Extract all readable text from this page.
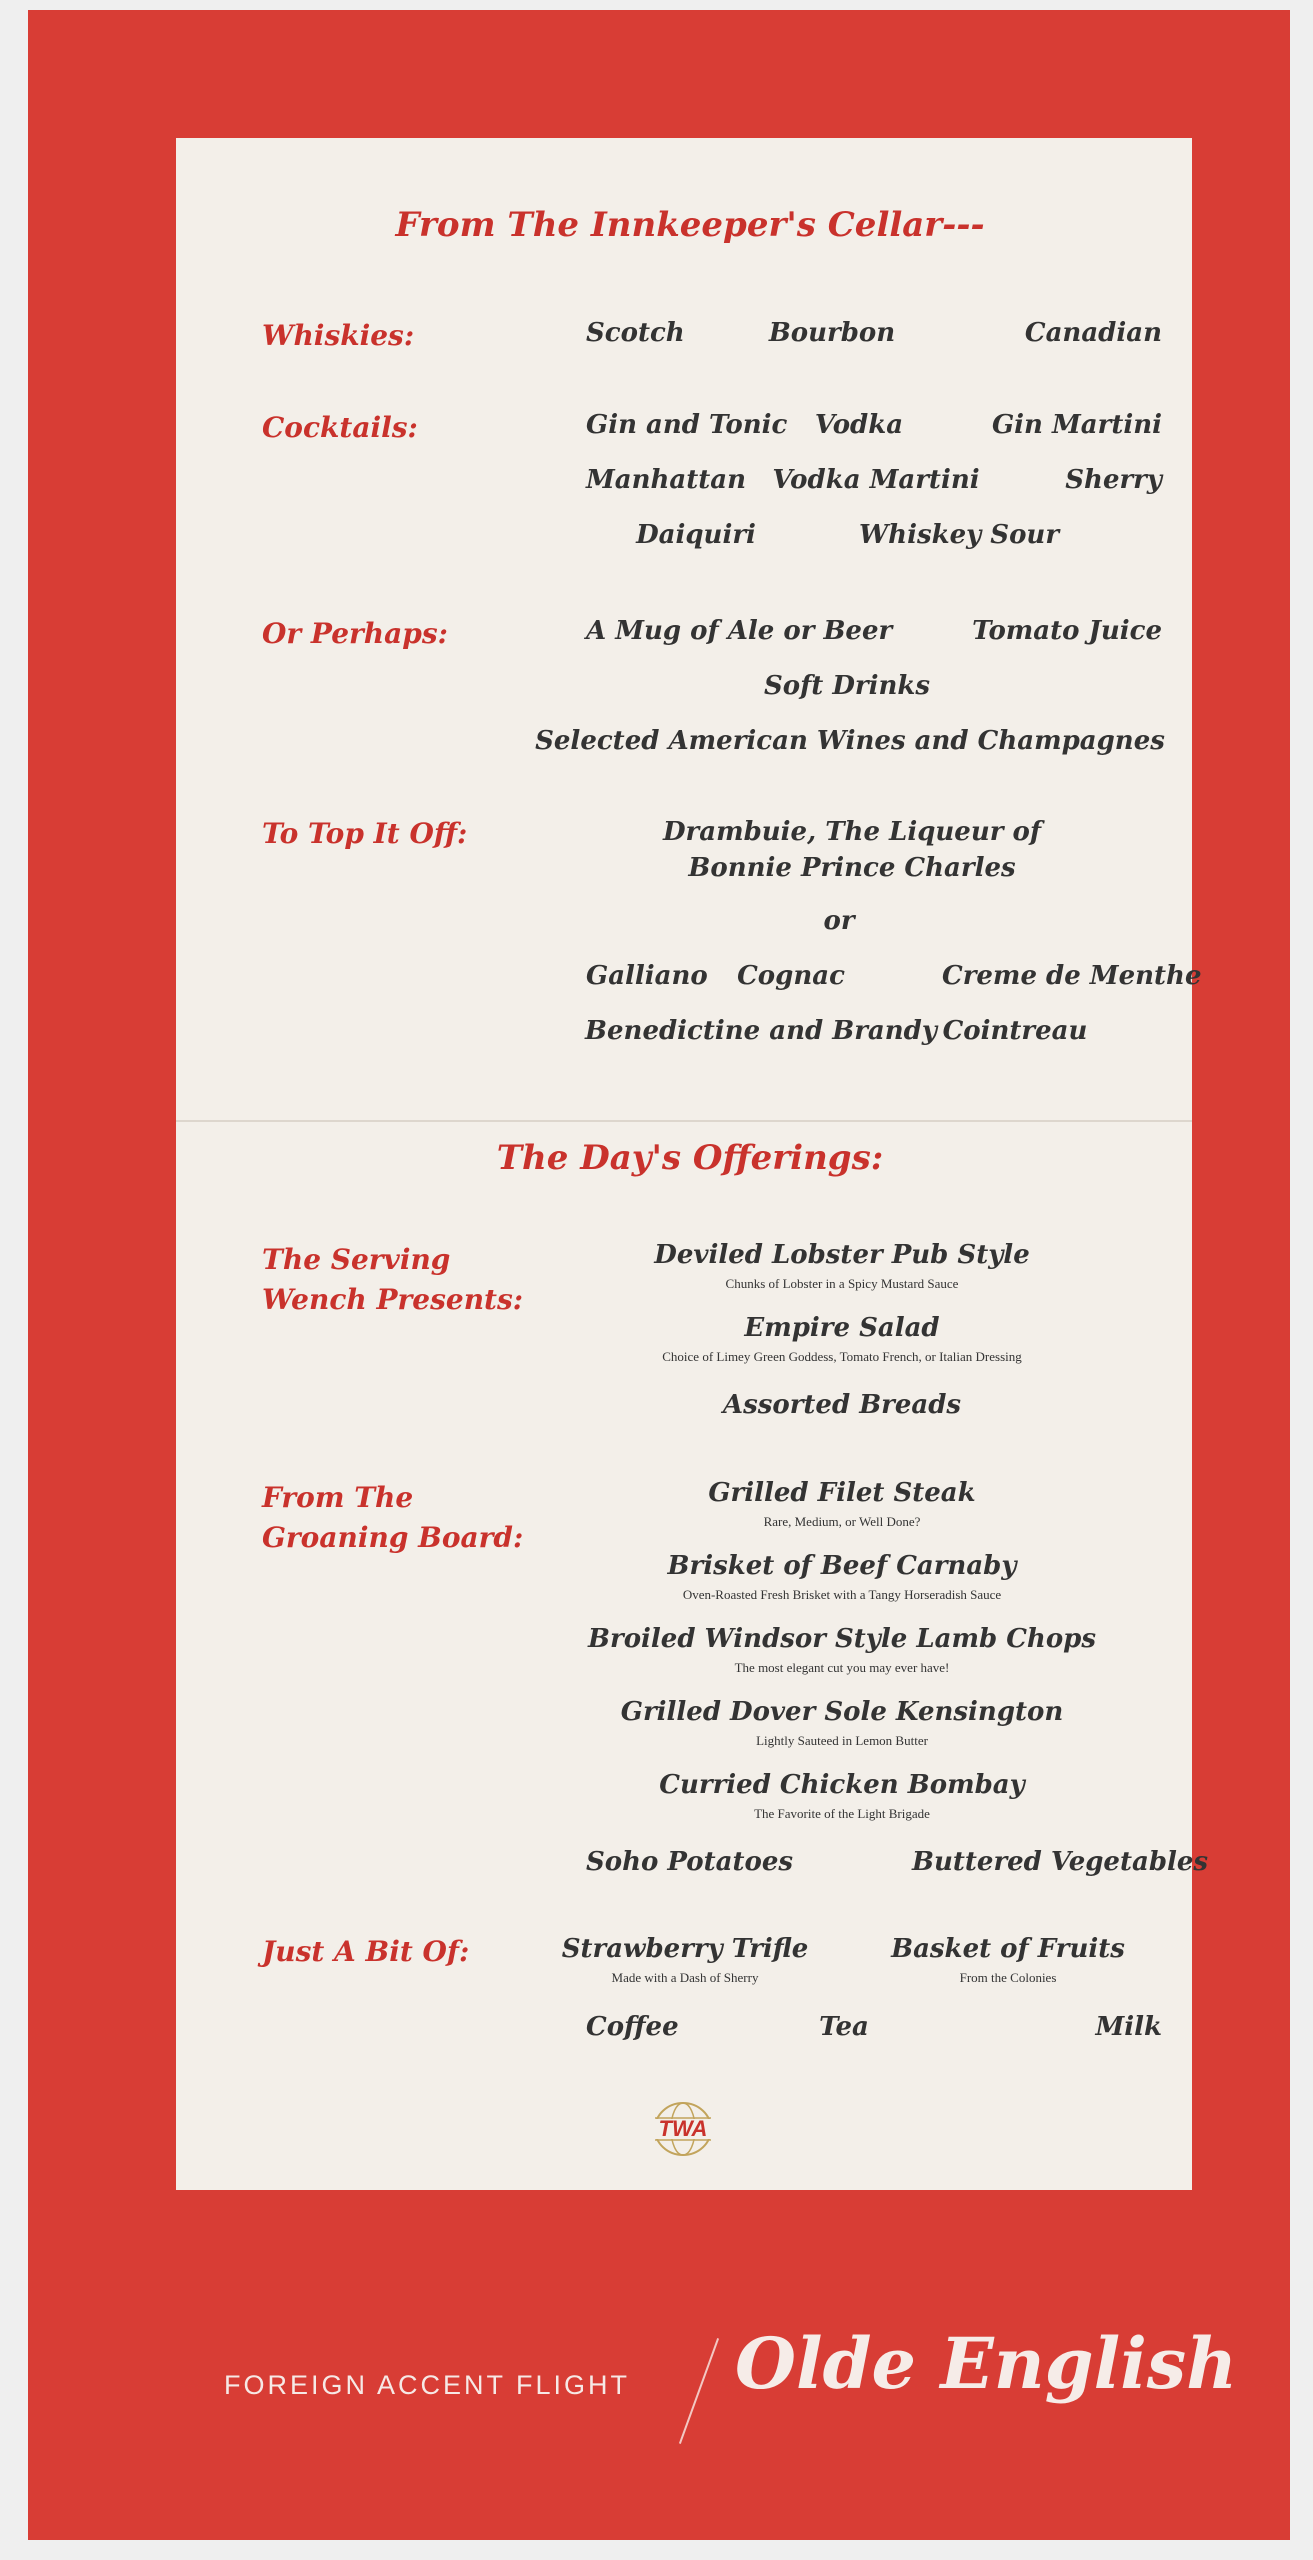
From The Innkeeper's Cellar---
Whiskies:	Scotch	Bourbon	Canadian
Cocktails:	Gin and Tonic Vodka	Gin Martini
Manhattan Vodka Martini	Sherry
Daiquiri	Whiskey Sour
Or Perhaps:	A Mug of Ale or Beer	Tomato Juice
Soft Drinks
Selected American Wines and Champagnes
To Top It Off:	Drambuie, The Liqueur of Bonnie Prince Charles
or
Galliano Cognac	Creme de Menthe
Benedictine and Brandy Cointreau
The Day's Offerings:
The Serving Wench Presents:
Deviled Lobster Pub Style
Chunks of Lobster in a Spicy Mustard Sauce
Empire Salad
Choice of Limey Green Goddess, Tomato French, or Italian Dressing
Assorted Breads
From The Groaning Board:
Grilled Filet Steak
Rare, Medium, or Well Done?
Brisket of Beef Carnaby
Oven-Roasted Fresh Brisket with a Tangy Horseradish Sauce
Broiled Windsor Style Lamb Chops
The most elegant cut you may ever have!
Grilled Dover Sole Kensington
Lightly Sauteed in Lemon Butter
Curried Chicken Bombay
The Favorite of the Light Brigade
Soho Potatoes	Buttered Vegetables
Just A Bit Of:	Strawberry Trifle
Made with a Dash of Sherry
Basket of Fruits
From the Colonies
Coffee	Tea	Milk
TWA
FOREIGN ACCENT FLIGHT Olde English
